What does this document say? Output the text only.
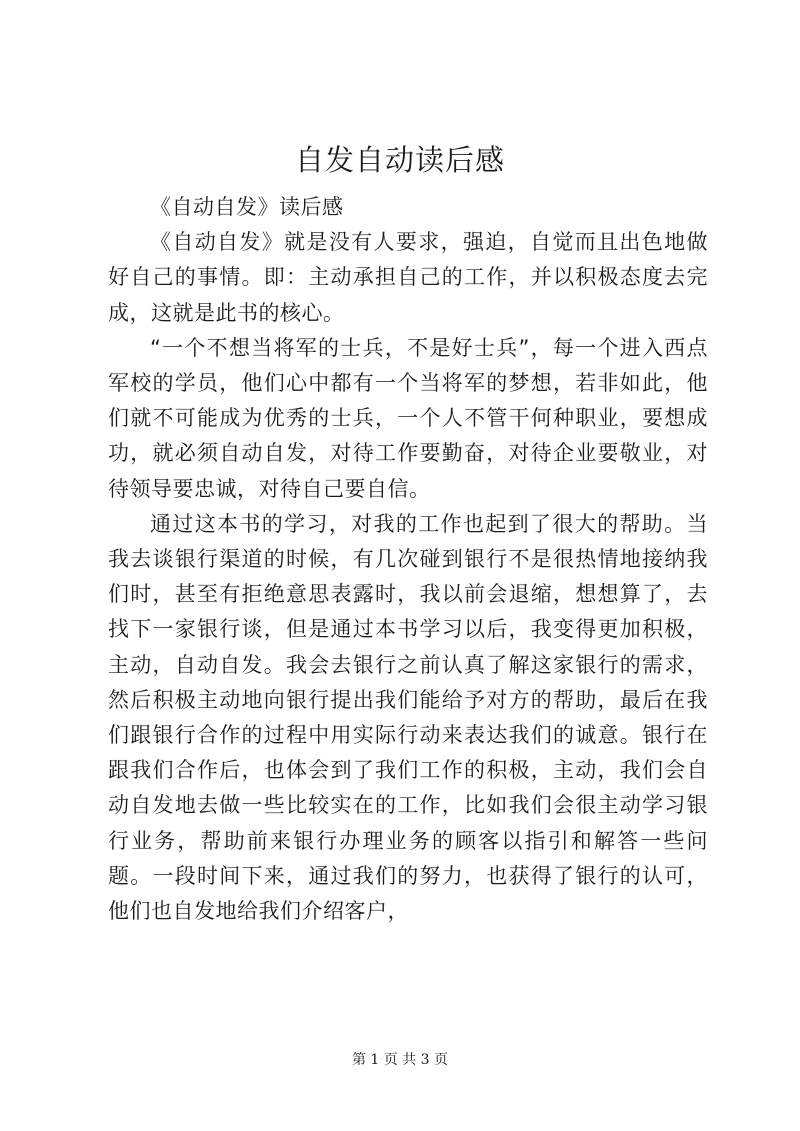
自发自动读后感

《自动自发》读后感

《自动自发》就是没有人要求，强迫，自觉而且出色地做好自己的事情。即：主动承担自己的工作，并以积极态度去完成，这就是此书的核心。

“一个不想当将军的士兵，不是好士兵”，每一个进入西点军校的学员，他们心中都有一个当将军的梦想，若非如此，他们就不可能成为优秀的士兵，一个人不管干何种职业，要想成功，就必须自动自发，对待工作要勤奋，对待企业要敬业，对待领导要忠诚，对待自己要自信。

通过这本书的学习，对我的工作也起到了很大的帮助。当我去谈银行渠道的时候，有几次碰到银行不是很热情地接纳我们时，甚至有拒绝意思表露时，我以前会退缩，想想算了，去找下一家银行谈，但是通过本书学习以后，我变得更加积极，主动，自动自发。我会去银行之前认真了解这家银行的需求，然后积极主动地向银行提出我们能给予对方的帮助，最后在我们跟银行合作的过程中用实际行动来表达我们的诚意。银行在跟我们合作后，也体会到了我们工作的积极，主动，我们会自动自发地去做一些比较实在的工作，比如我们会很主动学习银行业务，帮助前来银行办理业务的顾客以指引和解答一些问题。一段时间下来，通过我们的努力，也获得了银行的认可，他们也自发地给我们介绍客户，

第 1 页 共 3 页
